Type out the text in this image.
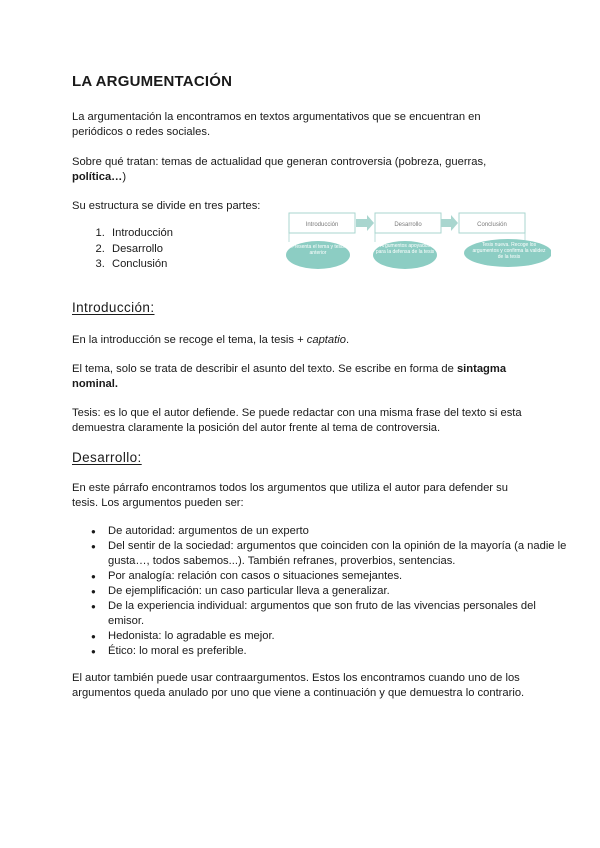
LA ARGUMENTACIÓN

La argumentación la encontramos en textos argumentativos que se encuentran en periódicos o redes sociales.

Sobre qué tratan: temas de actualidad que generan controversia (pobreza, guerras, política…)

Su estructura se divide en tres partes:

1. Introducción
2. Desarrollo
3. Conclusión
Introducción	Desarrollo	Conclusión
Presenta el tema y tesis anterior
Argumentos apoyados para la defensa de la tesis
Tesis nueva. Recoge los argumentos y confirma la validez de la tesis
Introducción:

En la introducción se recoge el tema, la tesis + captatio.

El tema, solo se trata de describir el asunto del texto. Se escribe en forma de sintagma nominal.

Tesis: es lo que el autor defiende. Se puede redactar con una misma frase del texto si esta demuestra claramente la posición del autor frente al tema de controversia.

Desarrollo:

En este párrafo encontramos todos los argumentos que utiliza el autor para defender su tesis. Los argumentos pueden ser:

● De autoridad: argumentos de un experto
● Del sentir de la sociedad: argumentos que coinciden con la opinión de la mayoría (a nadie le gusta…, todos sabemos...). También refranes, proverbios, sentencias.
● Por analogía: relación con casos o situaciones semejantes.
● De ejemplificación: un caso particular lleva a generalizar.
● De la experiencia individual: argumentos que son fruto de las vivencias personales del emisor.
● Hedonista: lo agradable es mejor.
● Ético: lo moral es preferible.

El autor también puede usar contraargumentos. Estos los encontramos cuando uno de los argumentos queda anulado por uno que viene a continuación y que demuestra lo contrario.
